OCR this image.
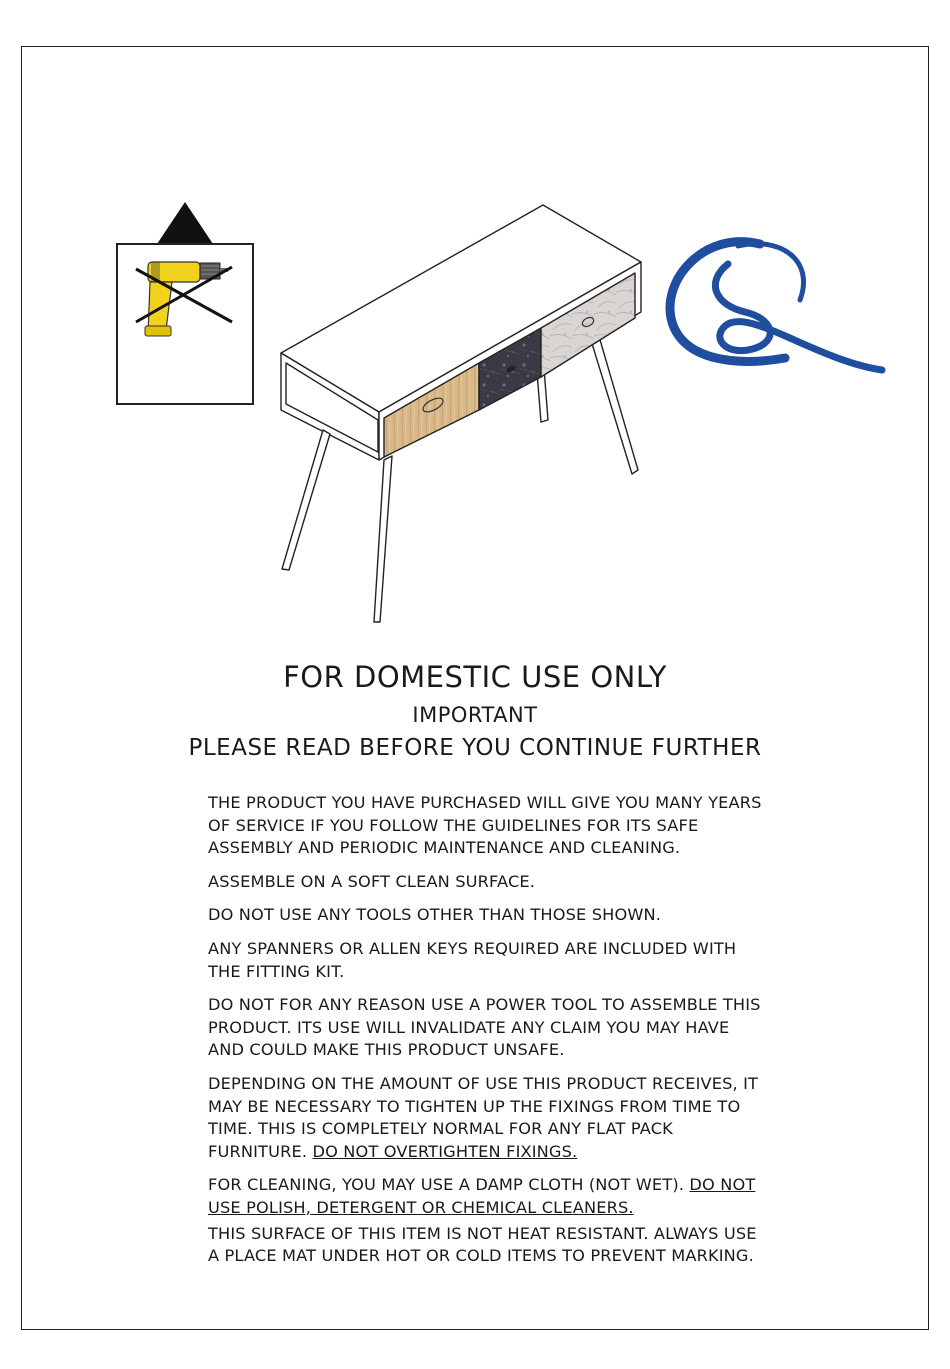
FOR DOMESTIC USE ONLY
IMPORTANT
PLEASE READ BEFORE YOU CONTINUE FURTHER

THE PRODUCT YOU HAVE PURCHASED WILL GIVE YOU MANY YEARS OF SERVICE IF YOU FOLLOW THE GUIDELINES FOR ITS SAFE ASSEMBLY AND PERIODIC MAINTENANCE AND CLEANING.

ASSEMBLE ON A SOFT CLEAN SURFACE.

DO NOT USE ANY TOOLS OTHER THAN THOSE SHOWN.

ANY SPANNERS OR ALLEN KEYS REQUIRED ARE INCLUDED WITH THE FITTING KIT.

DO NOT FOR ANY REASON USE A POWER TOOL TO ASSEMBLE THIS PRODUCT. ITS USE WILL INVALIDATE ANY CLAIM YOU MAY HAVE AND COULD MAKE THIS PRODUCT UNSAFE.

DEPENDING ON THE AMOUNT OF USE THIS PRODUCT RECEIVES, IT MAY BE NECESSARY TO TIGHTEN UP THE FIXINGS FROM TIME TO TIME. THIS IS COMPLETELY NORMAL FOR ANY FLAT PACK FURNITURE. DO NOT OVERTIGHTEN FIXINGS.

FOR CLEANING, YOU MAY USE A DAMP CLOTH (NOT WET). DO NOT USE POLISH, DETERGENT OR CHEMICAL CLEANERS.

THIS SURFACE OF THIS ITEM IS NOT HEAT RESISTANT. ALWAYS USE A PLACE MAT UNDER HOT OR COLD ITEMS TO PREVENT MARKING.
